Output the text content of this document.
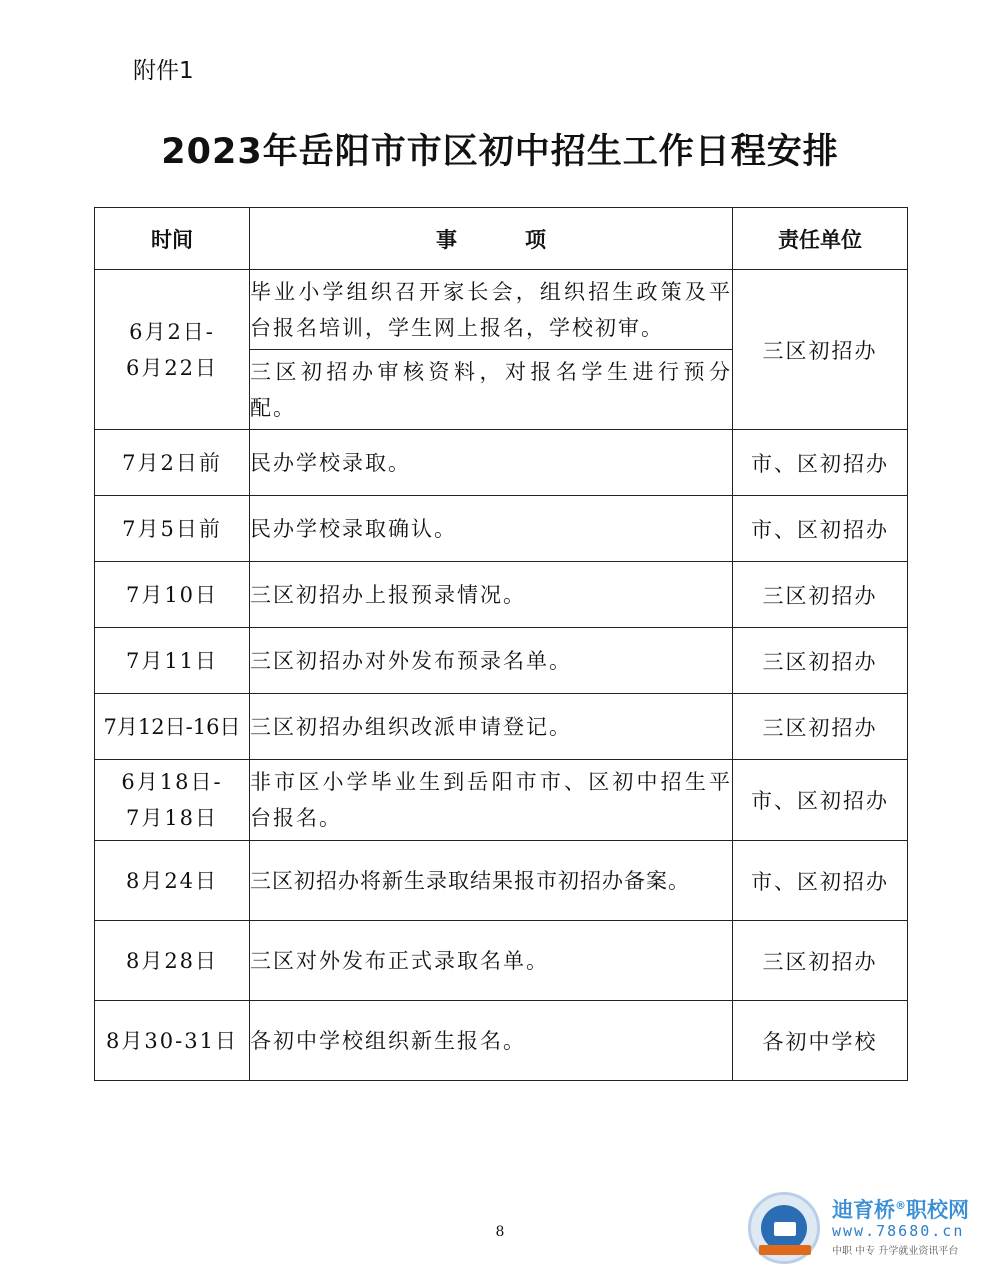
附件1
2023年岳阳市市区初中招生工作日程安排
时间	事项	责任单位

6月2日-
6月22日	毕业小学组织召开家长会，组织招生政策及平台报名培训，学生网上报名，学校初审。	三区初招办
	三区初招办审核资料，对报名学生进行预分配。	
7月2日前	民办学校录取。	市、区初招办
7月5日前	民办学校录取确认。	市、区初招办
7月10日	三区初招办上报预录情况。	三区初招办
7月11日	三区初招办对外发布预录名单。	三区初招办
7月12日-16日	三区初招办组织改派申请登记。	三区初招办

6月18日-
7月18日	非市区小学毕业生到岳阳市市、区初中招生平台报名。	市、区初招办
8月24日	三区初招办将新生录取结果报市初招办备案。	市、区初招办
8月28日	三区对外发布正式录取名单。	三区初招办
8月30-31日	各初中学校组织新生报名。	各初中学校
8
迪育桥®职校网
www.78680.cn
中职 中专 升学就业资讯平台
